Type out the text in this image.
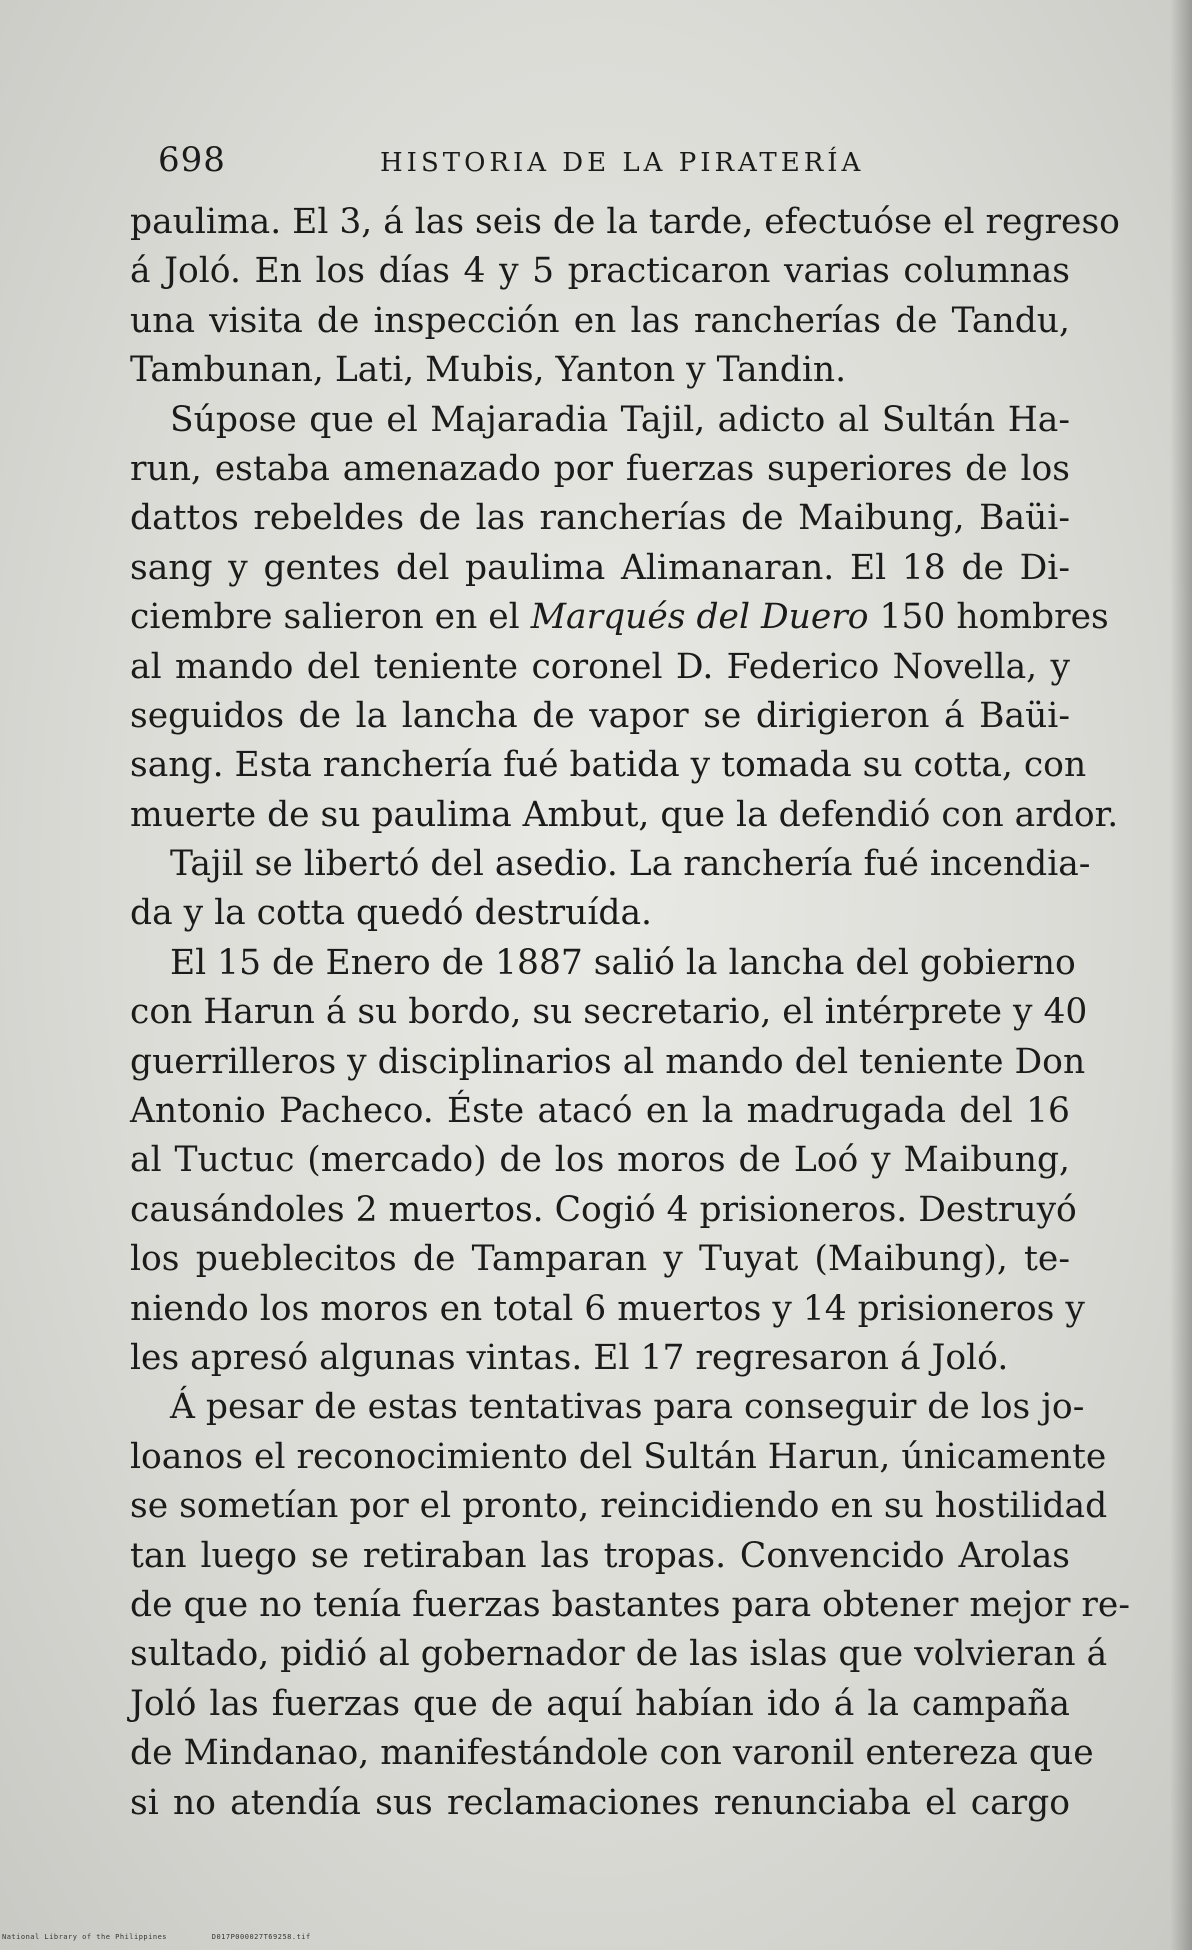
698	HISTORIA DE LA PIRATERÍA
paulima. El 3, á las seis de la tarde, efectuóse el regreso
á Joló. En los días 4 y 5 practicaron varias columnas
una visita de inspección en las rancherías de Tandu,
Tambunan, Lati, Mubis, Yanton y Tandin.
Súpose que el Majaradia Tajil, adicto al Sultán Ha-
run, estaba amenazado por fuerzas superiores de los
dattos rebeldes de las rancherías de Maibung, Baüi-
sang y gentes del paulima Alimanaran. El 18 de Di-
ciembre salieron en el Marqués del Duero 150 hombres
al mando del teniente coronel D. Federico Novella, y
seguidos de la lancha de vapor se dirigieron á Baüi-
sang. Esta ranchería fué batida y tomada su cotta, con
muerte de su paulima Ambut, que la defendió con ardor.
Tajil se libertó del asedio. La ranchería fué incendia-
da y la cotta quedó destruída.
El 15 de Enero de 1887 salió la lancha del gobierno
con Harun á su bordo, su secretario, el intérprete y 40
guerrilleros y disciplinarios al mando del teniente Don
Antonio Pacheco. Éste atacó en la madrugada del 16
al Tuctuc (mercado) de los moros de Loó y Maibung,
causándoles 2 muertos. Cogió 4 prisioneros. Destruyó
los pueblecitos de Tamparan y Tuyat (Maibung), te-
niendo los moros en total 6 muertos y 14 prisioneros y
les apresó algunas vintas. El 17 regresaron á Joló.
Á pesar de estas tentativas para conseguir de los jo-
loanos el reconocimiento del Sultán Harun, únicamente
se sometían por el pronto, reincidiendo en su hostilidad
tan luego se retiraban las tropas. Convencido Arolas
de que no tenía fuerzas bastantes para obtener mejor re-
sultado, pidió al gobernador de las islas que volvieran á
Joló las fuerzas que de aquí habían ido á la campaña
de Mindanao, manifestándole con varonil entereza que
si no atendía sus reclamaciones renunciaba el cargo
National Library of the Philippines	D017P000027T69258.tif
